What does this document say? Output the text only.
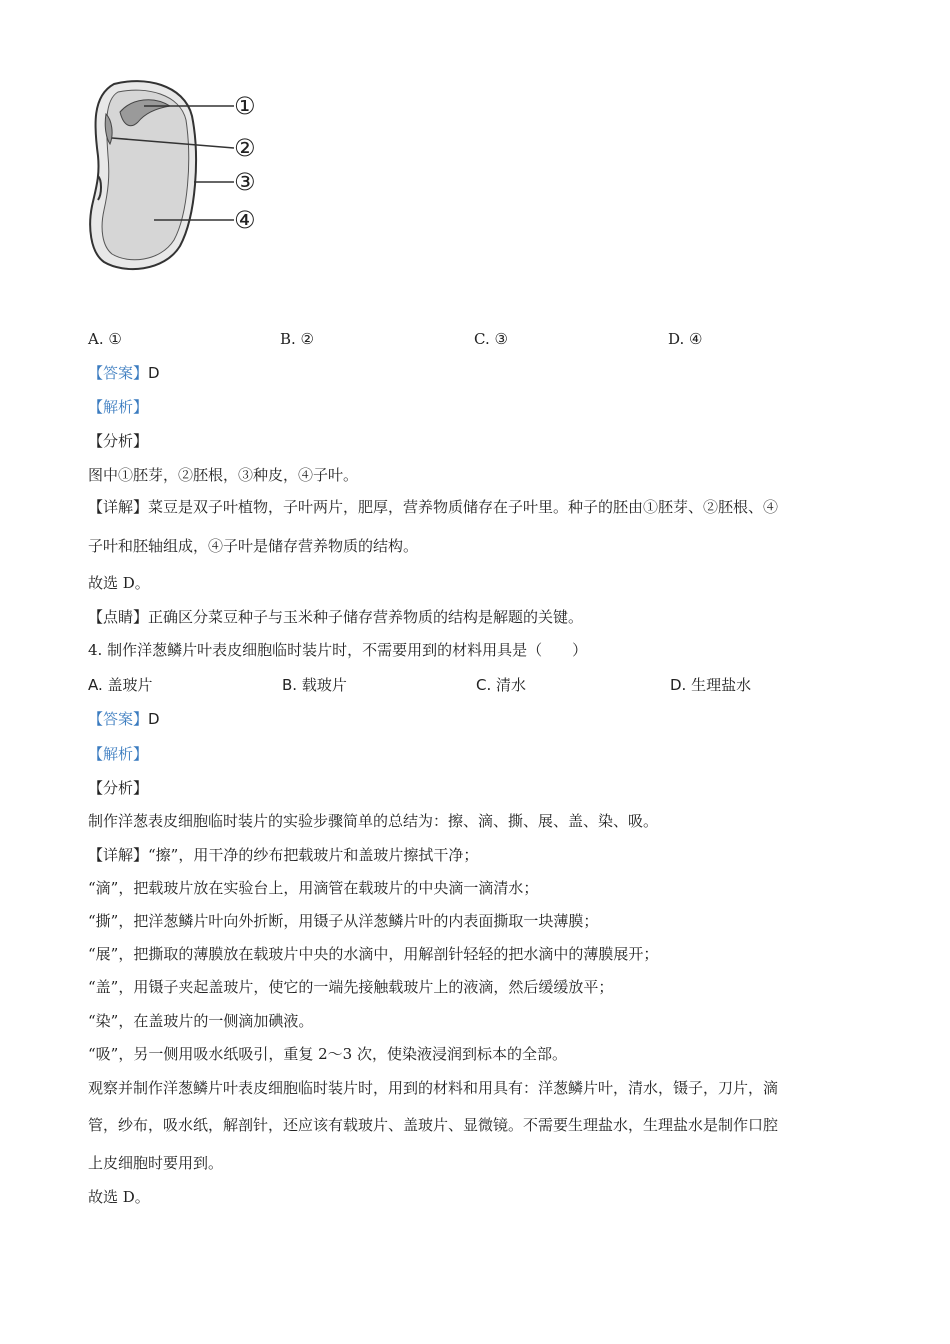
①
②
③
④
A. ①	B. ②	C. ③	D. ④
【答案】D
【解析】
【分析】
图中①胚芽，②胚根，③种皮，④子叶。
【详解】菜豆是双子叶植物，子叶两片，肥厚，营养物质储存在子叶里。种子的胚由①胚芽、②胚根、④
子叶和胚轴组成，④子叶是储存营养物质的结构。
故选 D。
【点睛】正确区分菜豆种子与玉米种子储存营养物质的结构是解题的关键。
4. 制作洋葱鳞片叶表皮细胞临时装片时，不需要用到的材料用具是（　　）
A. 盖玻片	B. 载玻片	C. 清水	D. 生理盐水
【答案】D
【解析】
【分析】
制作洋葱表皮细胞临时装片的实验步骤简单的总结为：擦、滴、撕、展、盖、染、吸。
【详解】“擦”，用干净的纱布把载玻片和盖玻片擦拭干净；
“滴”，把载玻片放在实验台上，用滴管在载玻片的中央滴一滴清水；
“撕”，把洋葱鳞片叶向外折断，用镊子从洋葱鳞片叶的内表面撕取一块薄膜；
“展”，把撕取的薄膜放在载玻片中央的水滴中，用解剖针轻轻的把水滴中的薄膜展开；
“盖”，用镊子夹起盖玻片，使它的一端先接触载玻片上的液滴，然后缓缓放平；
“染”，在盖玻片的一侧滴加碘液。
“吸”，另一侧用吸水纸吸引，重复 2～3 次，使染液浸润到标本的全部。
观察并制作洋葱鳞片叶表皮细胞临时装片时，用到的材料和用具有：洋葱鳞片叶，清水，镊子，刀片，滴
管，纱布，吸水纸，解剖针，还应该有载玻片、盖玻片、显微镜。不需要生理盐水，生理盐水是制作口腔
上皮细胞时要用到。
故选 D。
